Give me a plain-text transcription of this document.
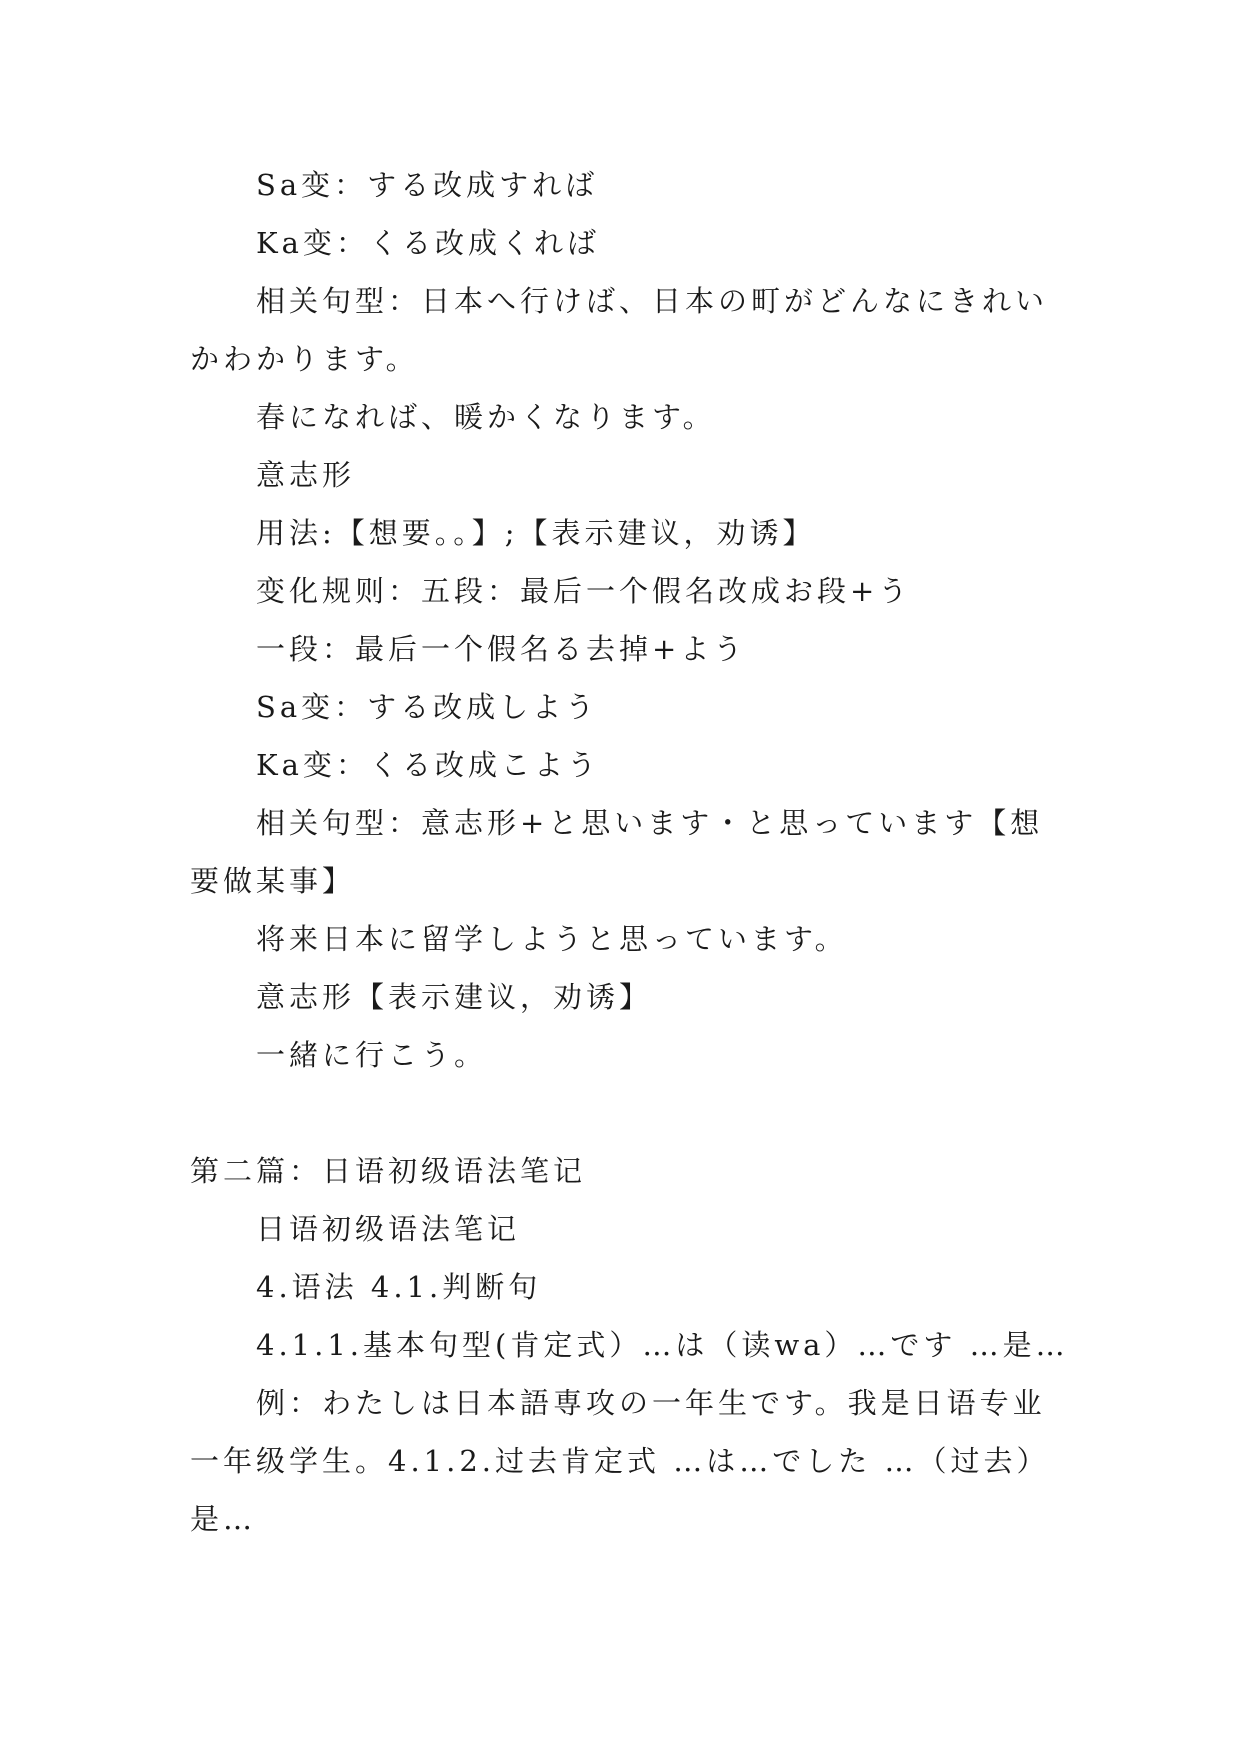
Sa变：する改成すれば

Ka变：くる改成くれば

相关句型：日本へ行けば、日本の町がどんなにきれい

かわかります。

春になれば、暖かくなります。

意志形

用法:【想要。。】;【表示建议，劝诱】

变化规则：五段：最后一个假名改成お段+う

一段：最后一个假名る去掉+よう

Sa变：する改成しよう

Ka变：くる改成こよう

相关句型：意志形+と思います・と思っています【想

要做某事】

将来日本に留学しようと思っています。

意志形【表示建议，劝诱】

一緒に行こう。

第二篇：日语初级语法笔记

日语初级语法笔记

4.语法 4.1.判断句

4.1.1.基本句型(肯定式）…は（读wa）…です …是…

例：わたしは日本語専攻の一年生です。我是日语专业

一年级学生。4.1.2.过去肯定式 …は…でした …（过去）

是…
